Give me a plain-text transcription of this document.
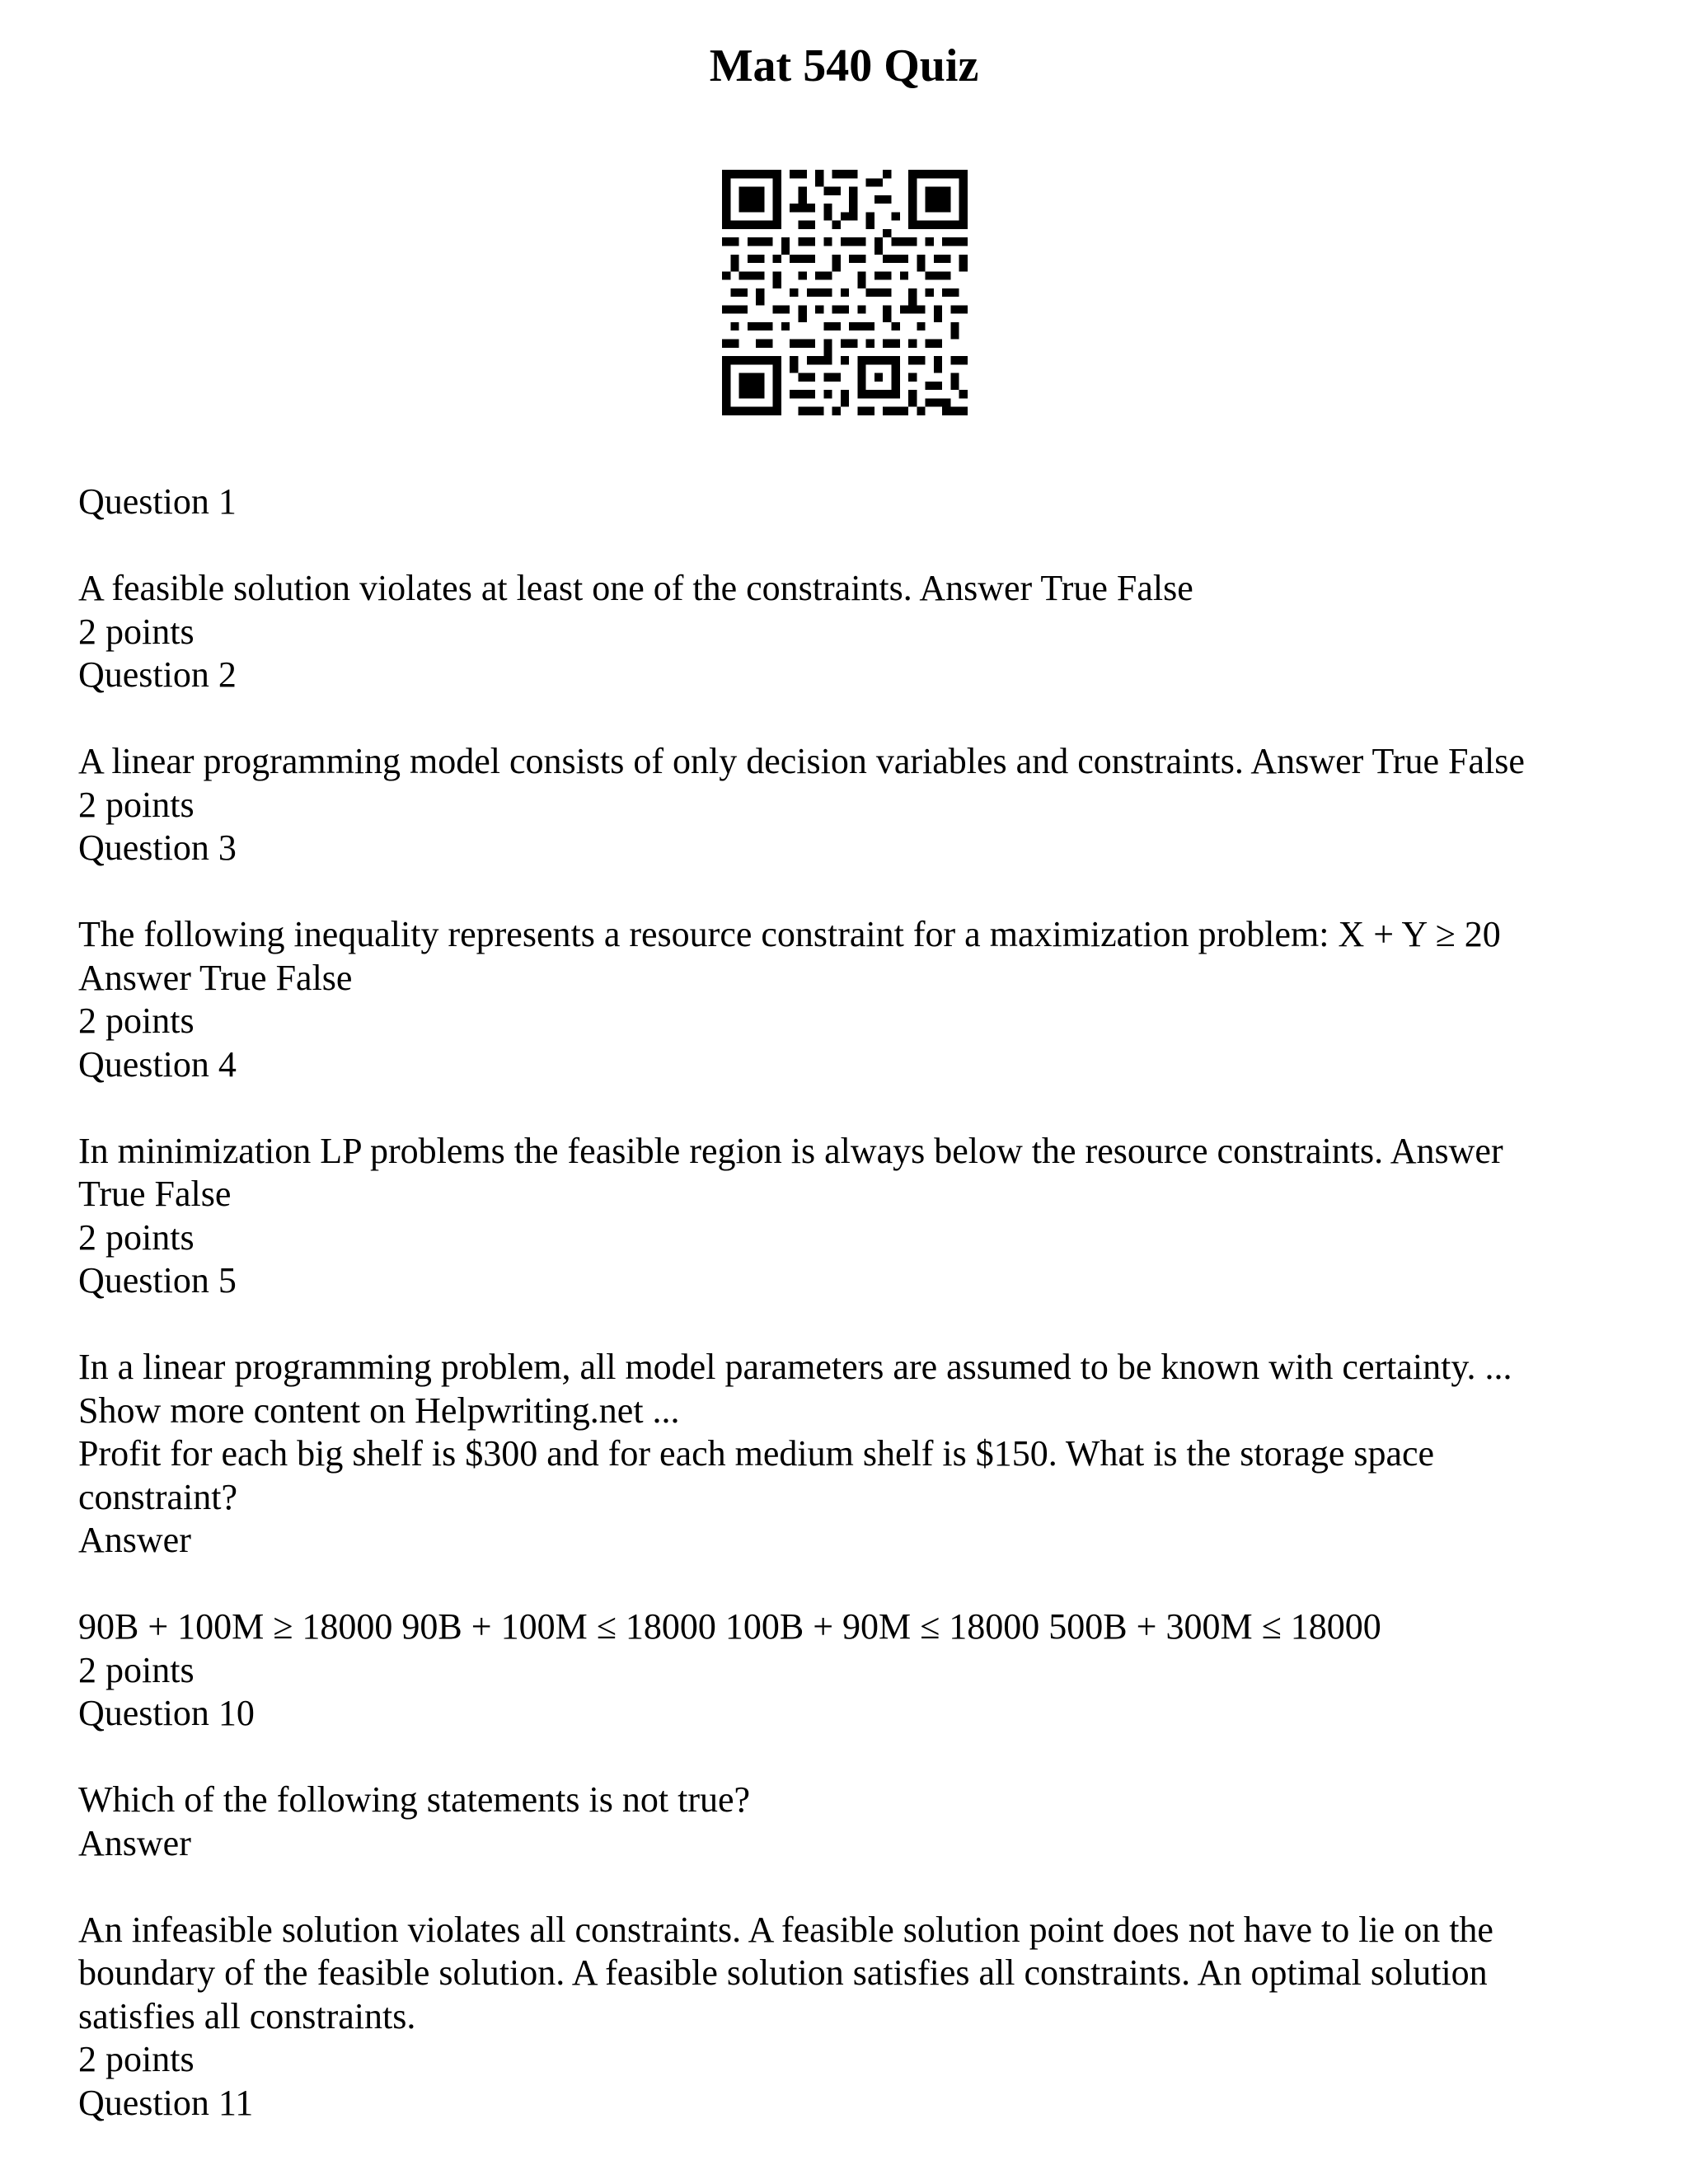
Mat 540 Quiz

Question 1

A feasible solution violates at least one of the constraints. Answer True False

2 points

Question 2

A linear programming model consists of only decision variables and constraints. Answer True False

2 points

Question 3

The following inequality represents a resource constraint for a maximization problem: X + Y ≥ 20

Answer True False

2 points

Question 4

In minimization LP problems the feasible region is always below the resource constraints. Answer

True False

2 points

Question 5

In a linear programming problem, all model parameters are assumed to be known with certainty. ...

Show more content on Helpwriting.net ...

Profit for each big shelf is $300 and for each medium shelf is $150. What is the storage space

constraint?

Answer

90B + 100M ≥ 18000 90B + 100M ≤ 18000 100B + 90M ≤ 18000 500B + 300M ≤ 18000

2 points

Question 10

Which of the following statements is not true?

Answer

An infeasible solution violates all constraints. A feasible solution point does not have to lie on the

boundary of the feasible solution. A feasible solution satisfies all constraints. An optimal solution

satisfies all constraints.

2 points

Question 11
